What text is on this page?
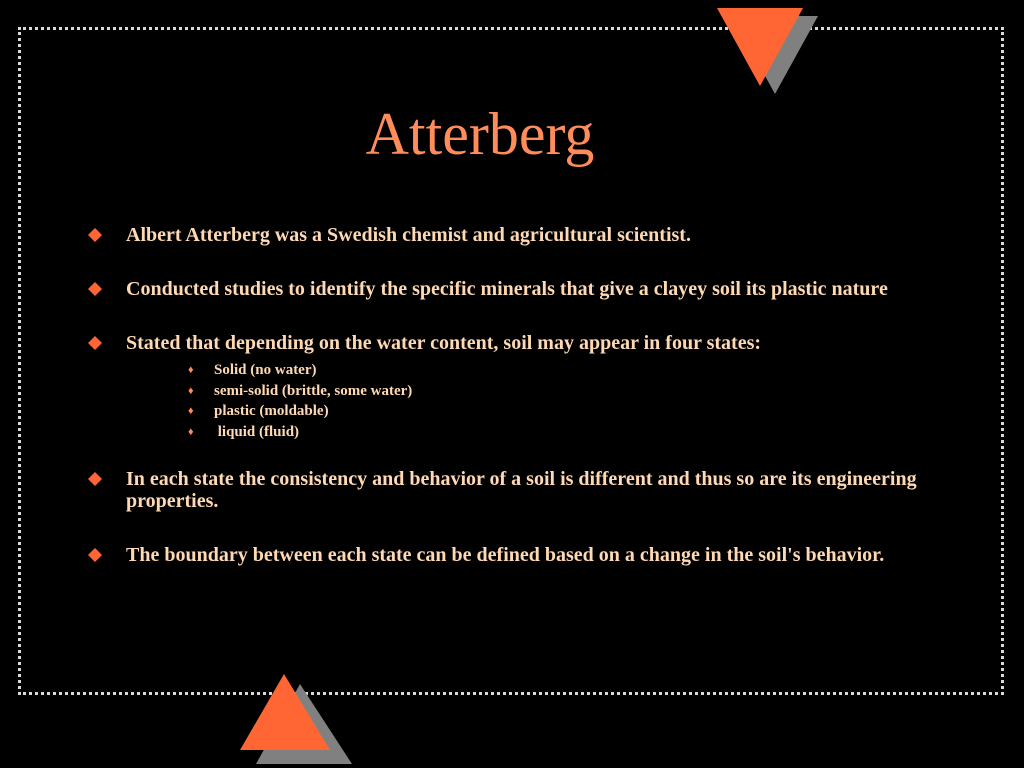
Atterberg
Albert Atterberg was a Swedish chemist and agricultural scientist.
Conducted studies to identify the specific minerals that give a clayey soil its plastic nature
Stated that depending on the water content, soil may appear in four states:
♦ Solid (no water)
♦ semi-solid (brittle, some water)
♦ plastic (moldable)
♦ liquid (fluid)
In each state the consistency and behavior of a soil is different and thus so are its engineering properties.
The boundary between each state can be defined based on a change in the soil's behavior.
